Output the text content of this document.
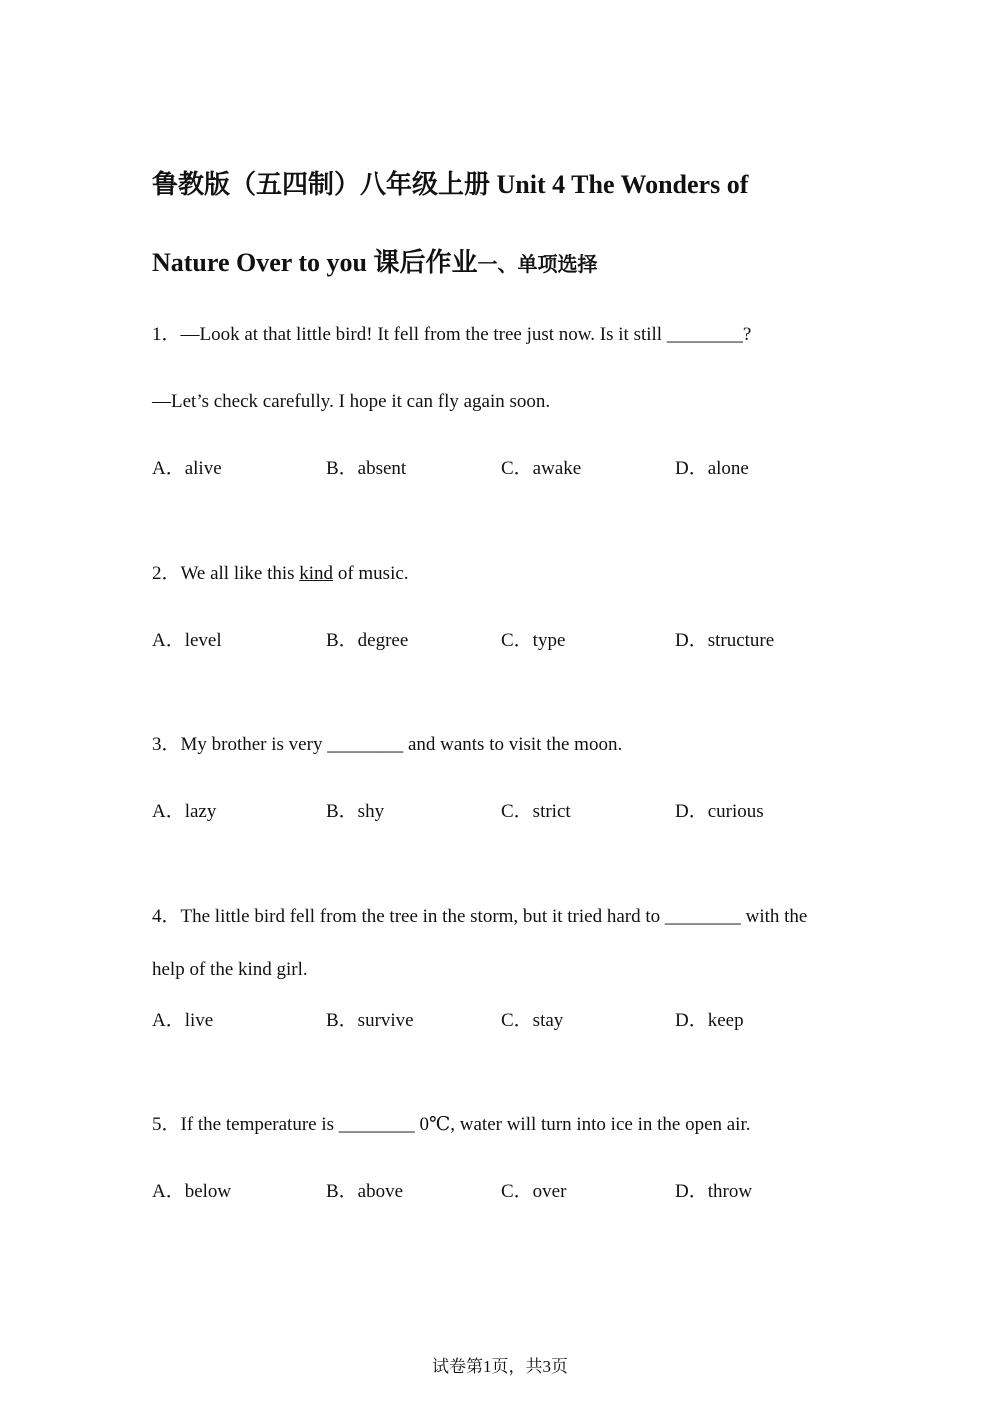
鲁教版（五四制）八年级上册 Unit 4 The Wonders of
Nature Over to you 课后作业一、单项选择
1．—Look at that little bird! It fell from the tree just now. Is it still ________?
—Let’s check carefully. I hope it can fly again soon.
A．alive	B．absent	C．awake	D．alone
2．We all like this kind of music.
A．level	B．degree	C．type	D．structure
3．My brother is very ________ and wants to visit the moon.
A．lazy	B．shy	C．strict	D．curious
4．The little bird fell from the tree in the storm, but it tried hard to ________ with the
help of the kind girl.
A．live	B．survive	C．stay	D．keep
5．If the temperature is ________ 0℃, water will turn into ice in the open air.
A．below	B．above	C．over	D．throw
试卷第1页，共3页
